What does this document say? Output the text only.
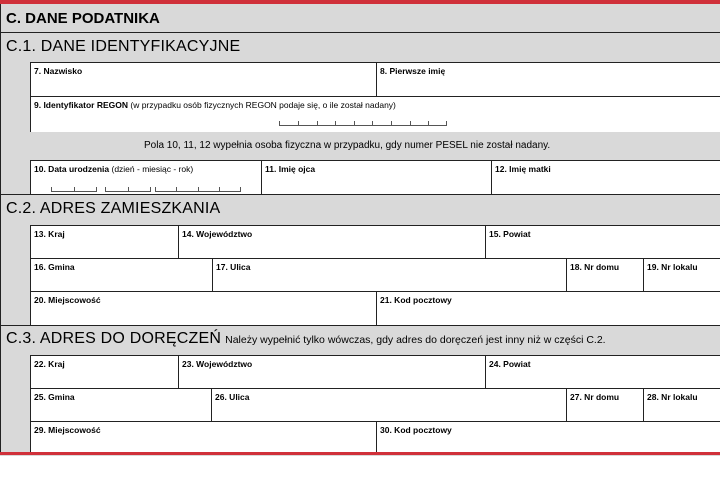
C. DANE PODATNIKA
C.1. DANE IDENTYFIKACYJNE
7. Nazwisko	8. Pierwsze imię
9. Identyfikator REGON (w przypadku osób fizycznych REGON podaje się, o ile został nadany)
Pola 10, 11, 12 wypełnia osoba fizyczna w przypadku, gdy numer PESEL nie został nadany.
10. Data urodzenia (dzień - miesiąc - rok)	11. Imię ojca	12. Imię matki
C.2. ADRES ZAMIESZKANIA
13. Kraj	14. Województwo	15. Powiat
16. Gmina	17. Ulica	18. Nr domu	19. Nr lokalu
20. Miejscowość	21. Kod pocztowy
C.3. ADRES DO DORĘCZEŃ Należy wypełnić tylko wówczas, gdy adres do doręczeń jest inny niż w części C.2.
22. Kraj	23. Województwo	24. Powiat
25. Gmina	26. Ulica	27. Nr domu	28. Nr lokalu
29. Miejscowość	30. Kod pocztowy
